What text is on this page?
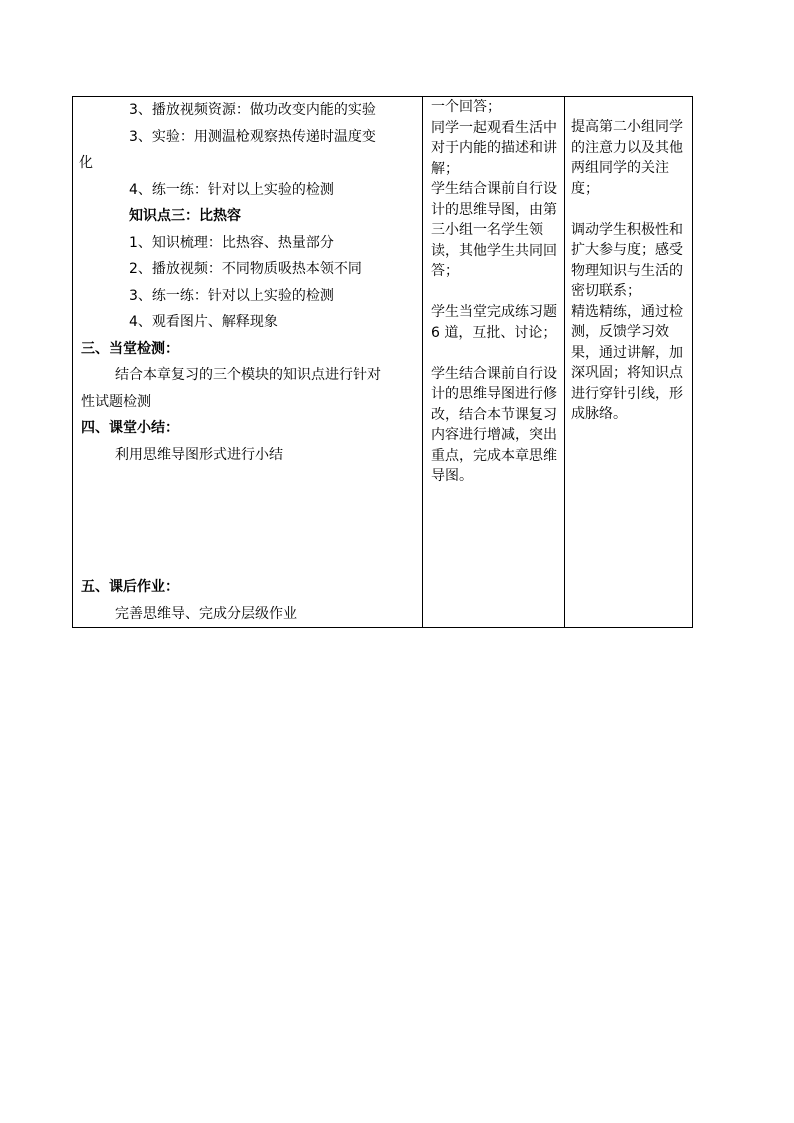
3、播放视频资源：做功改变内能的实验
3、实验：用测温枪观察热传递时温度变
化
4、练一练：针对以上实验的检测
知识点三：比热容
1、知识梳理：比热容、热量部分
2、播放视频：不同物质吸热本领不同
3、练一练：针对以上实验的检测
4、观看图片、解释现象
三、当堂检测：
结合本章复习的三个模块的知识点进行针对
性试题检测
四、课堂小结：
利用思维导图形式进行小结
五、课后作业：
完善思维导、完成分层级作业

一个回答；
同学一起观看生活中对于内能的描述和讲解；
学生结合课前自行设计的思维导图，由第三小组一名学生领读，其他学生共同回答；
学生当堂完成练习题 6 道，互批、讨论；
学生结合课前自行设计的思维导图进行修改，结合本节课复习内容进行增减，突出重点，完成本章思维导图。

提高第二小组同学的注意力以及其他两组同学的关注度；
调动学生积极性和扩大参与度；感受物理知识与生活的密切联系；
精选精练，通过检测，反馈学习效果，通过讲解，加深巩固；将知识点进行穿针引线，形成脉络。
